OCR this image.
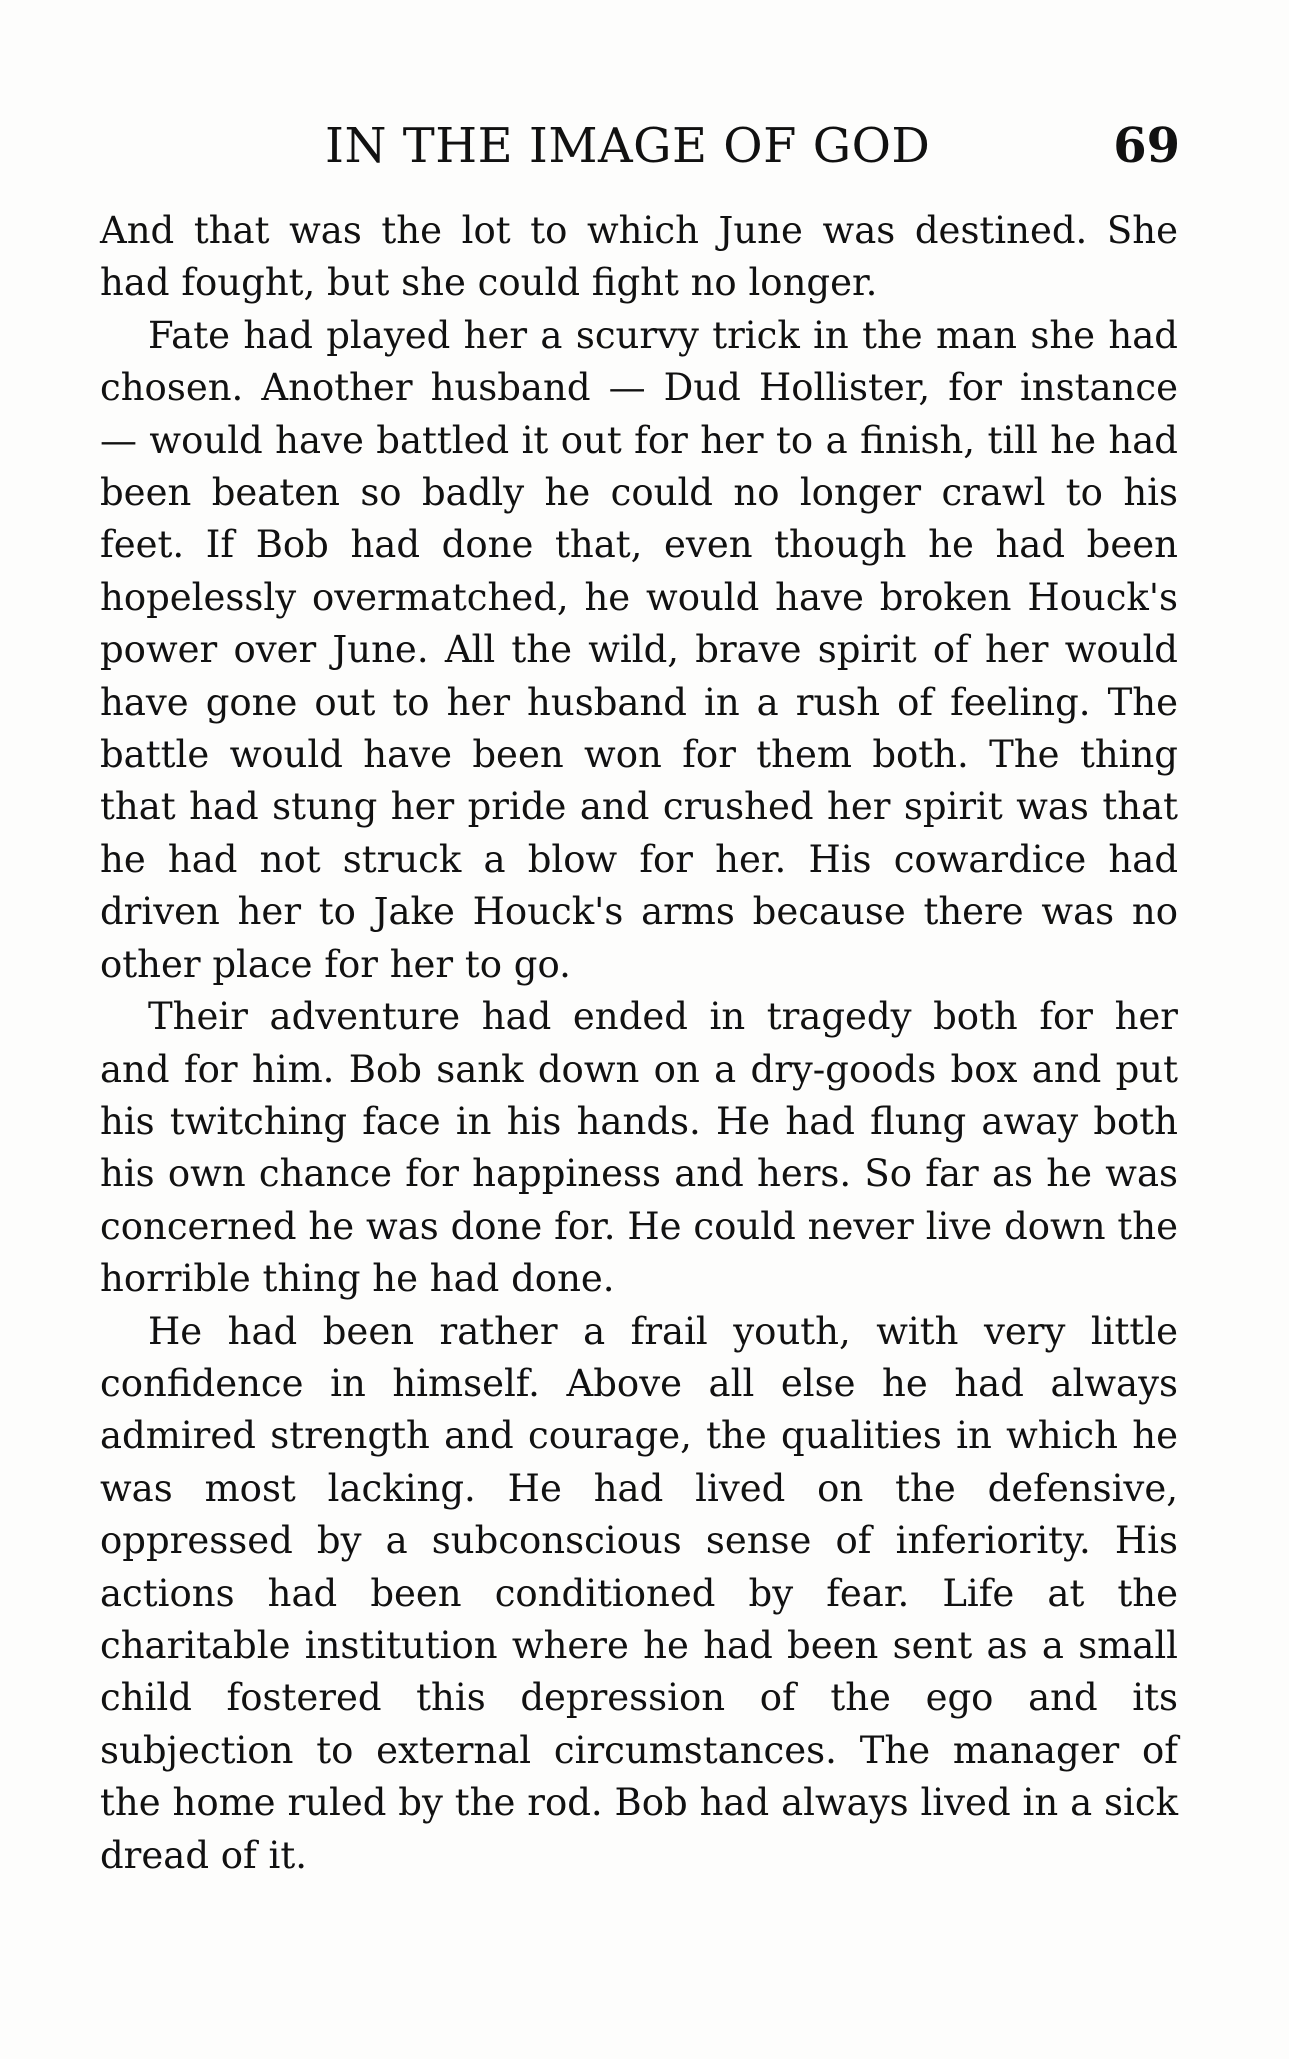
IN THE IMAGE OF GOD	69

And that was the lot to which June was destined. She had fought, but she could fight no longer.

Fate had played her a scurvy trick in the man she had chosen. Another husband — Dud Hollister, for instance — would have battled it out for her to a finish, till he had been beaten so badly he could no longer crawl to his feet. If Bob had done that, even though he had been hopelessly overmatched, he would have broken Houck's power over June. All the wild, brave spirit of her would have gone out to her husband in a rush of feeling. The battle would have been won for them both. The thing that had stung her pride and crushed her spirit was that he had not struck a blow for her. His cowardice had driven her to Jake Houck's arms because there was no other place for her to go.

Their adventure had ended in tragedy both for her and for him. Bob sank down on a dry-goods box and put his twitching face in his hands. He had flung away both his own chance for happiness and hers. So far as he was concerned he was done for. He could never live down the horrible thing he had done.

He had been rather a frail youth, with very little confidence in himself. Above all else he had always admired strength and courage, the qualities in which he was most lacking. He had lived on the defensive, oppressed by a subconscious sense of inferiority. His actions had been conditioned by fear. Life at the charitable institution where he had been sent as a small child fostered this depression of the ego and its subjection to external circumstances. The manager of the home ruled by the rod. Bob had always lived in a sick dread of it.
